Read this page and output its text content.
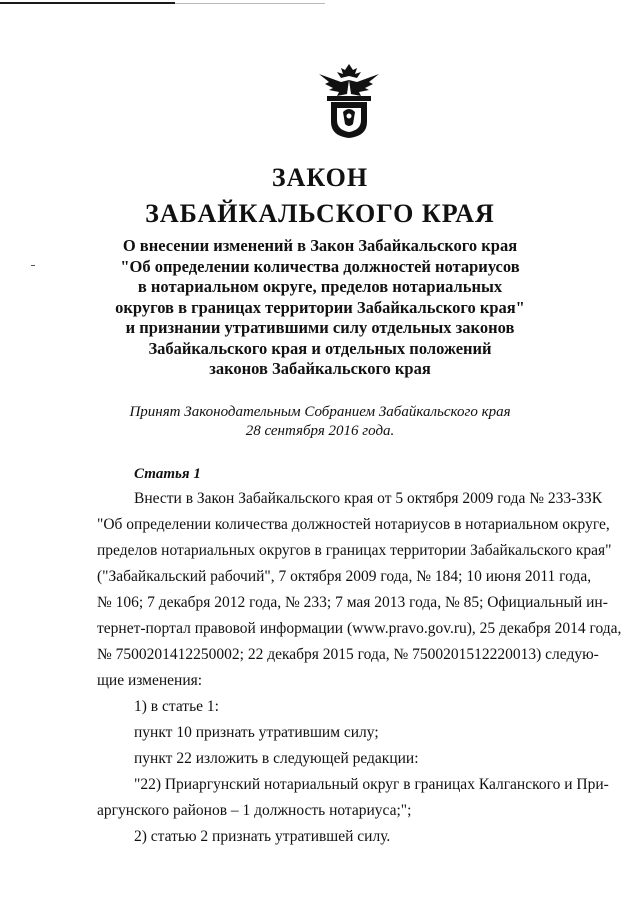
ЗАКОН
ЗАБАЙКАЛЬСКОГО КРАЯ
О внесении изменений в Закон Забайкальского края
"Об определении количества должностей нотариусов
в нотариальном округе, пределов нотариальных
округов в границах территории Забайкальского края"
и признании утратившими силу отдельных законов
Забайкальского края и отдельных положений
законов Забайкальского края
Принят Законодательным Собранием Забайкальского края
28 сентября 2016 года.
Статья 1
Внести в Закон Забайкальского края от 5 октября 2009 года № 233-ЗЗК
"Об определении количества должностей нотариусов в нотариальном округе,
пределов нотариальных округов в границах территории Забайкальского края"
("Забайкальский рабочий", 7 октября 2009 года, № 184; 10 июня 2011 года,
№ 106; 7 декабря 2012 года, № 233; 7 мая 2013 года, № 85; Официальный ин-
тернет-портал правовой информации (www.pravo.gov.ru), 25 декабря 2014 года,
№ 7500201412250002; 22 декабря 2015 года, № 7500201512220013) следую-
щие изменения:
1) в статье 1:
пункт 10 признать утратившим силу;
пункт 22 изложить в следующей редакции:
"22) Приаргунский нотариальный округ в границах Калганского и При-
аргунского районов – 1 должность нотариуса;";
2) статью 2 признать утратившей силу.
